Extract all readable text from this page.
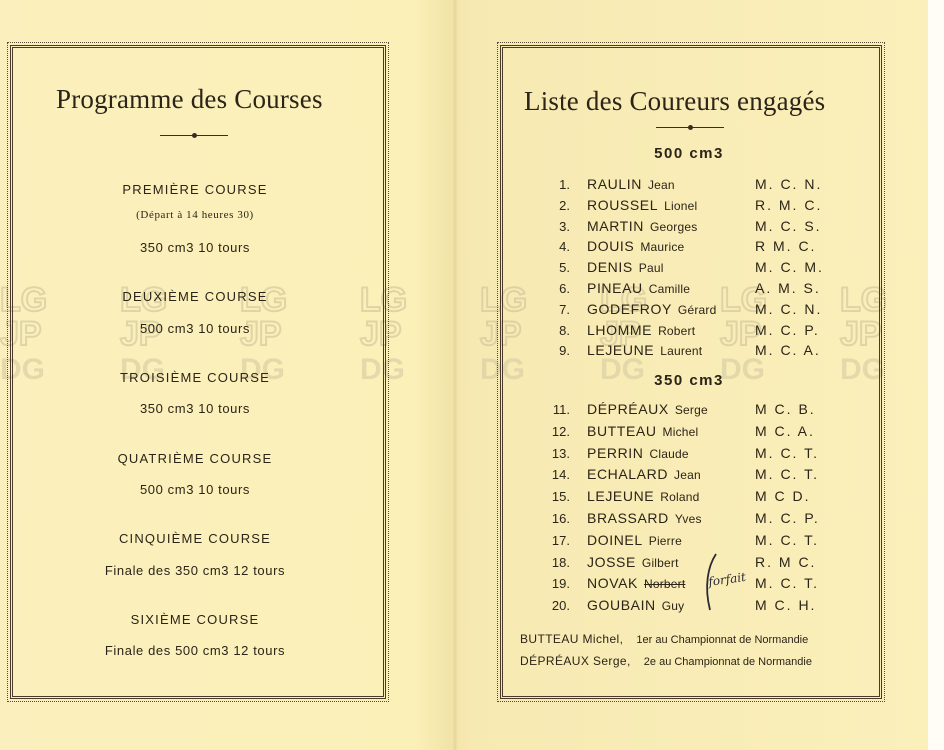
LG
JP
DG
Programme des Courses
PREMIÈRE COURSE
(Départ à 14 heures 30)
350 cm3 10 tours
DEUXIÈME COURSE
500 cm3 10 tours
TROISIÈME COURSE
350 cm3 10 tours
QUATRIÈME COURSE
500 cm3 10 tours
CINQUIÈME COURSE
Finale des 350 cm3 12 tours
SIXIÈME COURSE
Finale des 500 cm3 12 tours
Liste des Coureurs engagés
500 cm3
1. RAULIN Jean	M. C. N.
2. ROUSSEL Lionel	R. M. C.
3. MARTIN Georges	M. C. S.
4. DOUIS Maurice	R M. C.
5. DENIS Paul	M. C. M.
6. PINEAU Camille	A. M. S.
7. GODEFROY Gérard	M. C. N.
8. LHOMME Robert	M. C. P.
9. LEJEUNE Laurent	M. C. A.
350 cm3
11. DÉPRÉAUX Serge	M C. B.
12. BUTTEAU Michel	M C. A.
13. PERRIN Claude	M. C. T.
14. ECHALARD Jean	M. C. T.
15. LEJEUNE Roland	M C D.
16. BRASSARD Yves	M. C. P.
17. DOINEL Pierre	M. C. T.
18. JOSSE Gilbert	R. M C.
19. NOVAK Norbert	M. C. T.
20. GOUBAIN Guy	M C. H.
forfait
BUTTEAU Michel, 1er au Championnat de Normandie
DÉPRÉAUX Serge, 2e au Championnat de Normandie
